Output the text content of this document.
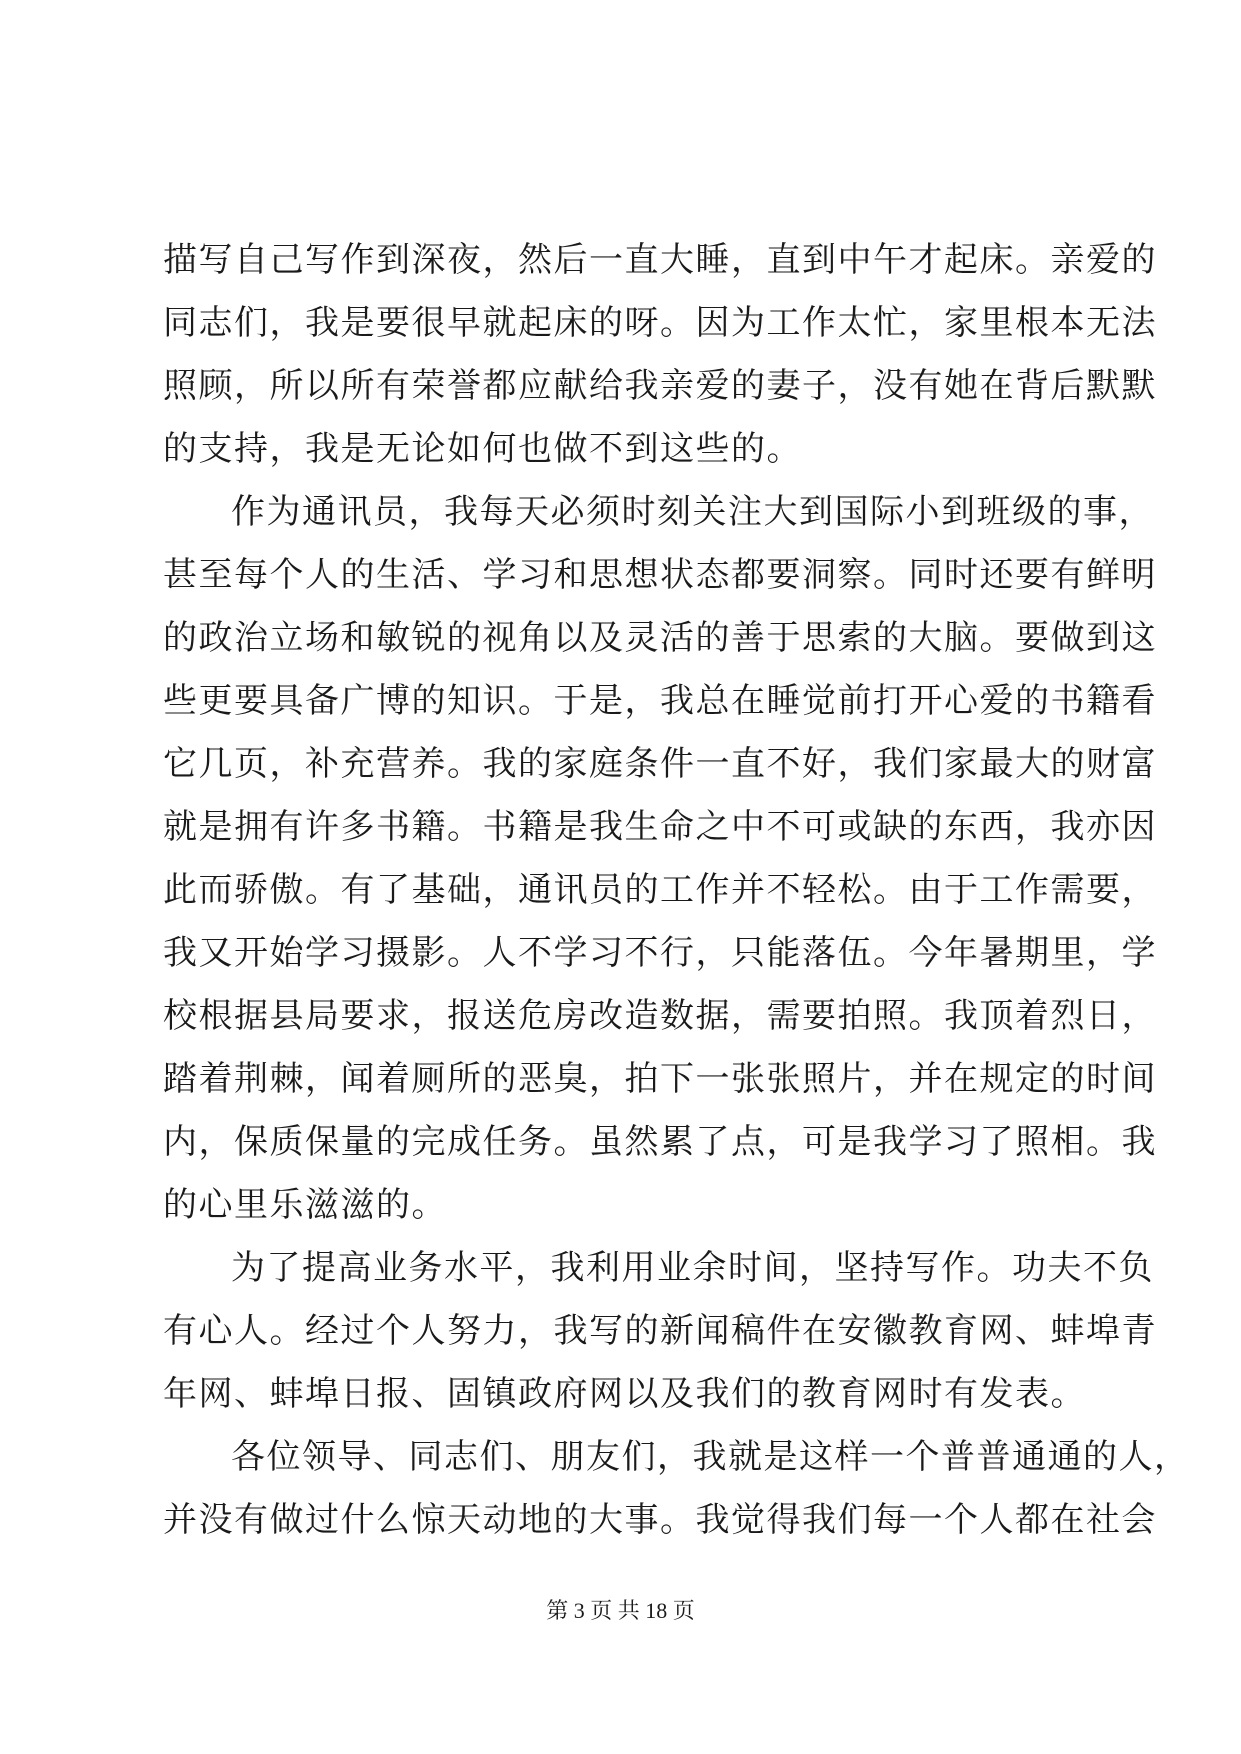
描写自己写作到深夜，然后一直大睡，直到中午才起床。亲爱的
同志们，我是要很早就起床的呀。因为工作太忙，家里根本无法
照顾，所以所有荣誉都应献给我亲爱的妻子，没有她在背后默默
的支持，我是无论如何也做不到这些的。
作为通讯员，我每天必须时刻关注大到国际小到班级的事，
甚至每个人的生活、学习和思想状态都要洞察。同时还要有鲜明
的政治立场和敏锐的视角以及灵活的善于思索的大脑。要做到这
些更要具备广博的知识。于是，我总在睡觉前打开心爱的书籍看
它几页，补充营养。我的家庭条件一直不好，我们家最大的财富
就是拥有许多书籍。书籍是我生命之中不可或缺的东西，我亦因
此而骄傲。有了基础，通讯员的工作并不轻松。由于工作需要，
我又开始学习摄影。人不学习不行，只能落伍。今年暑期里，学
校根据县局要求，报送危房改造数据，需要拍照。我顶着烈日，
踏着荆棘，闻着厕所的恶臭，拍下一张张照片，并在规定的时间
内，保质保量的完成任务。虽然累了点，可是我学习了照相。我
的心里乐滋滋的。
为了提高业务水平，我利用业余时间，坚持写作。功夫不负
有心人。经过个人努力，我写的新闻稿件在安徽教育网、蚌埠青
年网、蚌埠日报、固镇政府网以及我们的教育网时有发表。
各位领导、同志们、朋友们，我就是这样一个普普通通的人，
并没有做过什么惊天动地的大事。我觉得我们每一个人都在社会
第 3 页 共 18 页
